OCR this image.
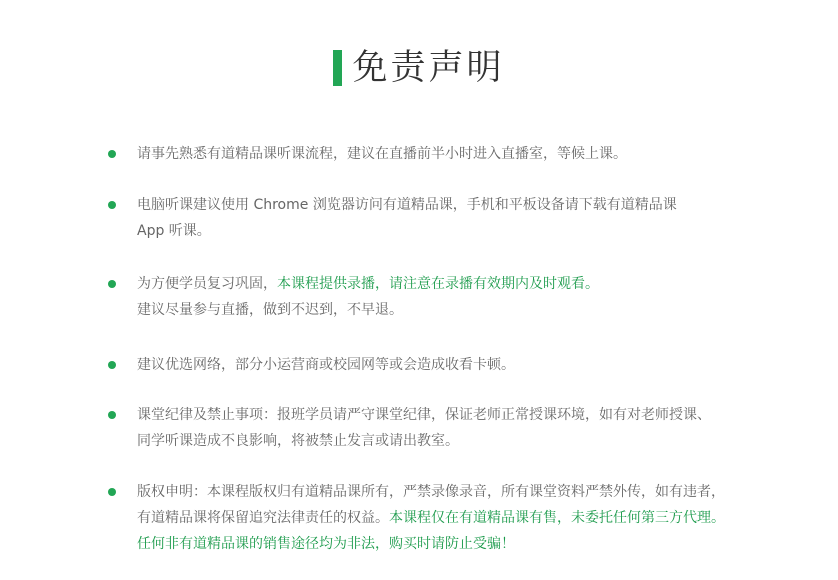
免责声明
请事先熟悉有道精品课听课流程，建议在直播前半小时进入直播室，等候上课。
电脑听课建议使用 Chrome 浏览器访问有道精品课，手机和平板设备请下载有道精品课
App 听课。
为方便学员复习巩固，本课程提供录播，请注意在录播有效期内及时观看。
建议尽量参与直播，做到不迟到，不早退。
建议优选网络，部分小运营商或校园网等或会造成收看卡顿。
课堂纪律及禁止事项：报班学员请严守课堂纪律，保证老师正常授课环境，如有对老师授课、
同学听课造成不良影响，将被禁止发言或请出教室。
版权申明：本课程版权归有道精品课所有，严禁录像录音，所有课堂资料严禁外传，如有违者，
有道精品课将保留追究法律责任的权益。本课程仅在有道精品课有售，未委托任何第三方代理。
任何非有道精品课的销售途径均为非法，购买时请防止受骗！
